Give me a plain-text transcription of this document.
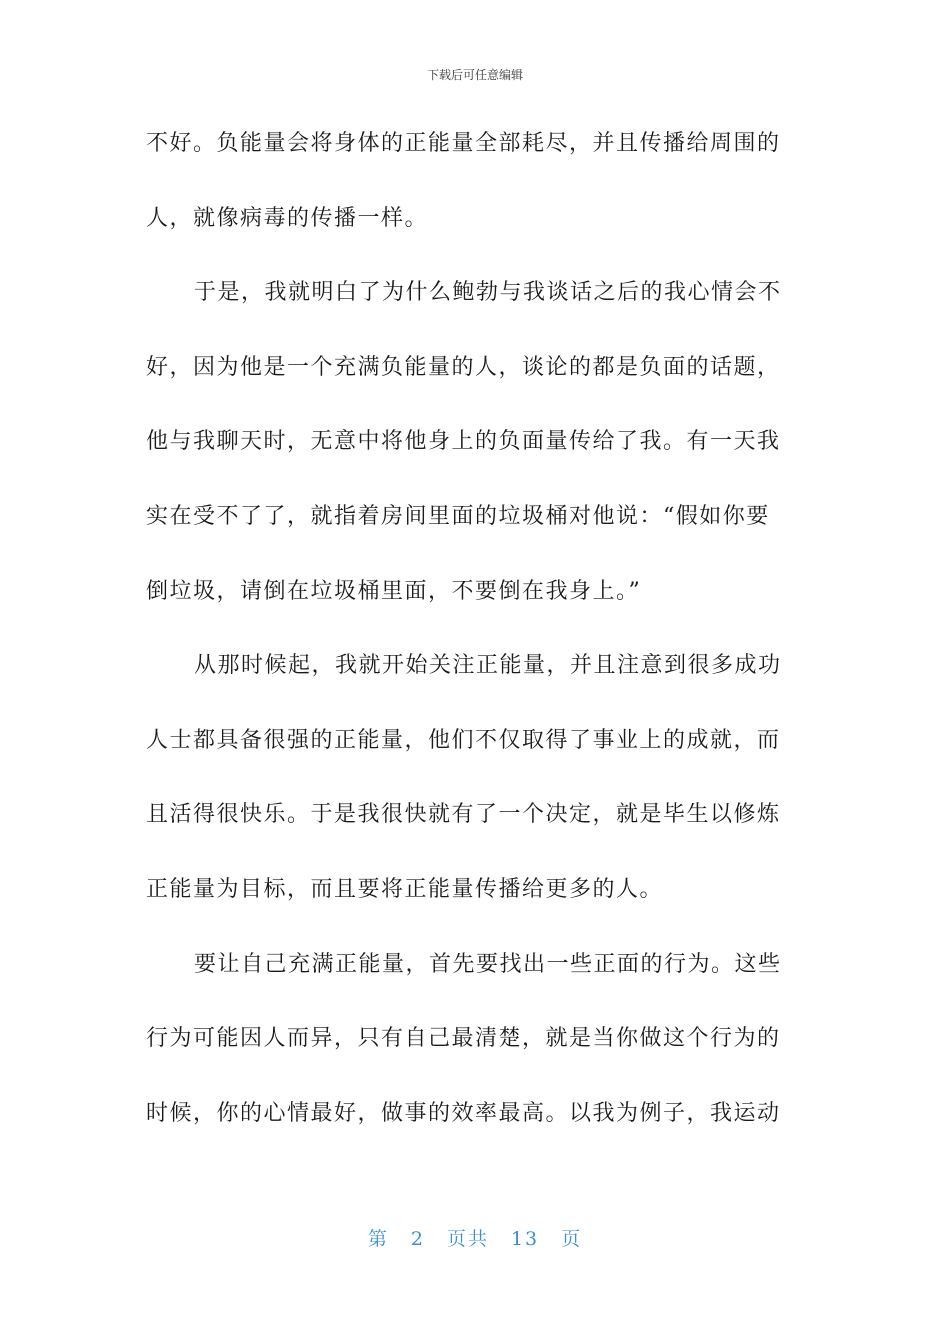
下载后可任意编辑
不好。负能量会将身体的正能量全部耗尽，并且传播给周围的
人，就像病毒的传播一样。
于是，我就明白了为什么鲍勃与我谈话之后的我心情会不
好，因为他是一个充满负能量的人，谈论的都是负面的话题，
他与我聊天时，无意中将他身上的负面量传给了我。有一天我
实在受不了了，就指着房间里面的垃圾桶对他说：“假如你要
倒垃圾，请倒在垃圾桶里面，不要倒在我身上。”
从那时候起，我就开始关注正能量，并且注意到很多成功
人士都具备很强的正能量，他们不仅取得了事业上的成就，而
且活得很快乐。于是我很快就有了一个决定，就是毕生以修炼
正能量为目标，而且要将正能量传播给更多的人。
要让自己充满正能量，首先要找出一些正面的行为。这些
行为可能因人而异，只有自己最清楚，就是当你做这个行为的
时候，你的心情最好，做事的效率最高。以我为例子，我运动
第 2 页共 13 页
